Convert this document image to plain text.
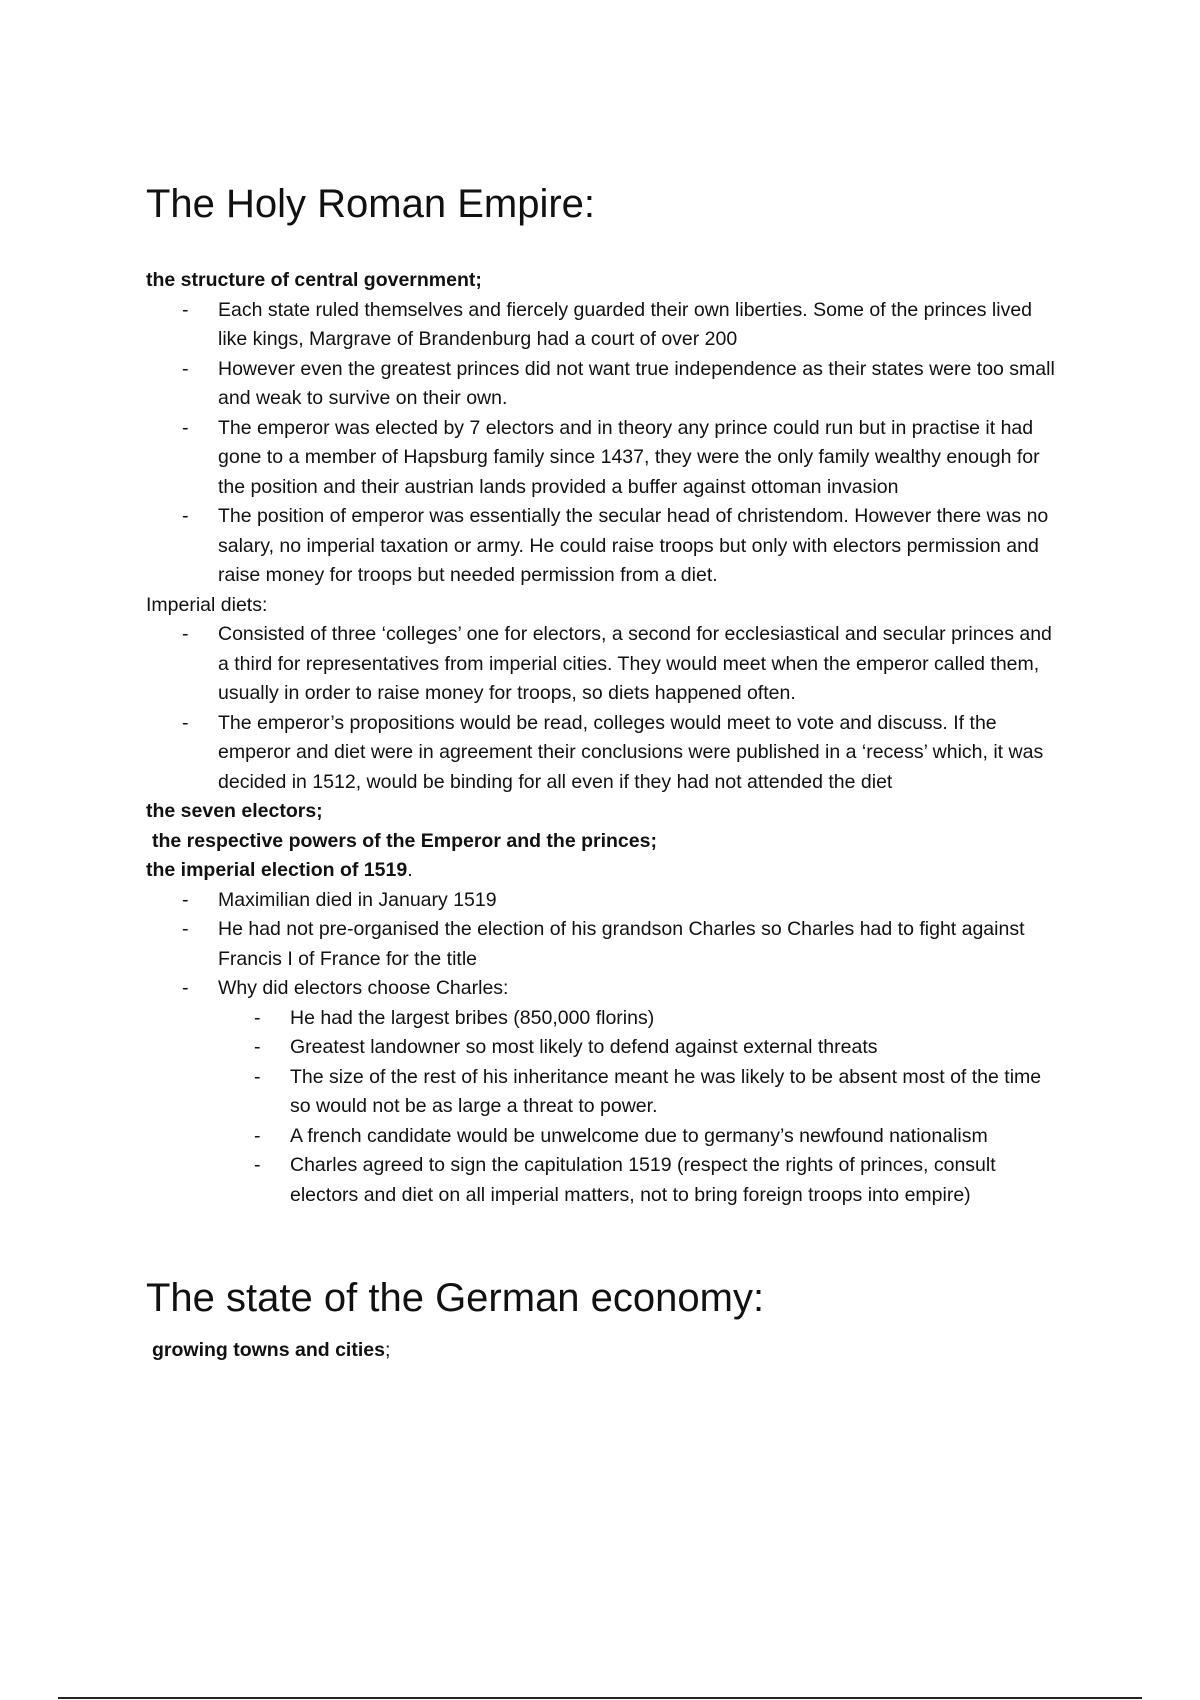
The Holy Roman Empire:

the structure of central government;

- Each state ruled themselves and fiercely guarded their own liberties. Some of the princes lived like kings, Margrave of Brandenburg had a court of over 200
- However even the greatest princes did not want true independence as their states were too small and weak to survive on their own.
- The emperor was elected by 7 electors and in theory any prince could run but in practise it had gone to a member of Hapsburg family since 1437, they were the only family wealthy enough for the position and their austrian lands provided a buffer against ottoman invasion
- The position of emperor was essentially the secular head of christendom. However there was no salary, no imperial taxation or army. He could raise troops but only with electors permission and raise money for troops but needed permission from a diet.

Imperial diets:

- Consisted of three ‘colleges’ one for electors, a second for ecclesiastical and secular princes and a third for representatives from imperial cities. They would meet when the emperor called them, usually in order to raise money for troops, so diets happened often.
- The emperor’s propositions would be read, colleges would meet to vote and discuss. If the emperor and diet were in agreement their conclusions were published in a ‘recess’ which, it was decided in 1512, would be binding for all even if they had not attended the diet

the seven electors;

the respective powers of the Emperor and the princes;

the imperial election of 1519.

- Maximilian died in January 1519
- He had not pre-organised the election of his grandson Charles so Charles had to fight against Francis I of France for the title
- Why did electors choose Charles:
- He had the largest bribes (850,000 florins)
- Greatest landowner so most likely to defend against external threats
- The size of the rest of his inheritance meant he was likely to be absent most of the time so would not be as large a threat to power.
- A french candidate would be unwelcome due to germany’s newfound nationalism
- Charles agreed to sign the capitulation 1519 (respect the rights of princes, consult electors and diet on all imperial matters, not to bring foreign troops into empire)
The state of the German economy:

growing towns and cities;
